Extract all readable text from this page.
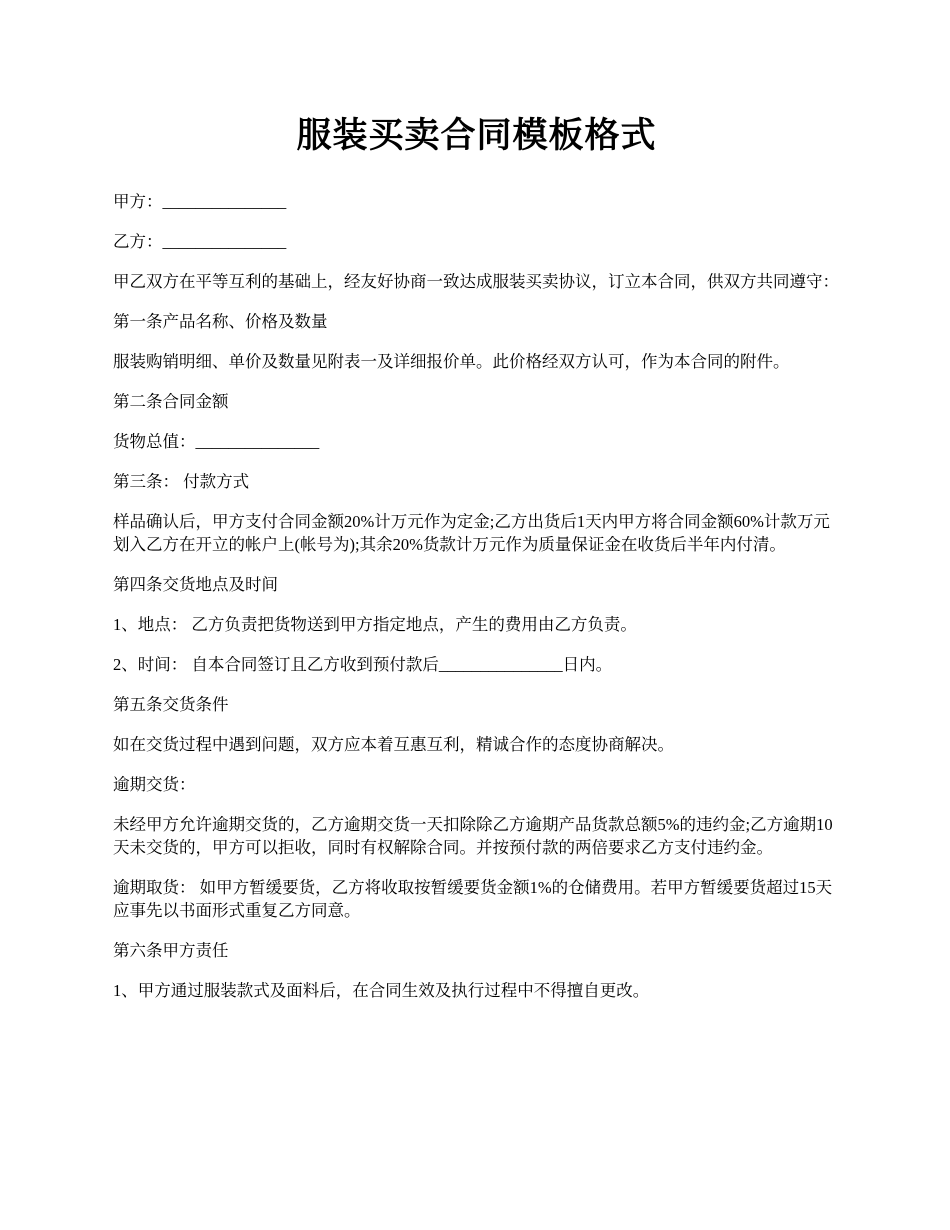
服装买卖合同模板格式

甲方：_______________

乙方：_______________

甲乙双方在平等互利的基础上，经友好协商一致达成服装买卖协议，订立本合同，供双方共同遵守：

第一条产品名称、价格及数量

服装购销明细、单价及数量见附表一及详细报价单。此价格经双方认可，作为本合同的附件。

第二条合同金额

货物总值：_______________

第三条： 付款方式

样品确认后，甲方支付合同金额20%计万元作为定金;乙方出货后1天内甲方将合同金额60%计款万元划入乙方在开立的帐户上(帐号为);其余20%货款计万元作为质量保证金在收货后半年内付清。

第四条交货地点及时间

1、地点： 乙方负责把货物送到甲方指定地点，产生的费用由乙方负责。

2、时间： 自本合同签订且乙方收到预付款后_______________日内。

第五条交货条件

如在交货过程中遇到问题，双方应本着互惠互利，精诚合作的态度协商解决。

逾期交货：

未经甲方允许逾期交货的，乙方逾期交货一天扣除除乙方逾期产品货款总额5%的违约金;乙方逾期10天未交货的，甲方可以拒收，同时有权解除合同。并按预付款的两倍要求乙方支付违约金。

逾期取货： 如甲方暂缓要货，乙方将收取按暂缓要货金额1%的仓储费用。若甲方暂缓要货超过15天应事先以书面形式重复乙方同意。

第六条甲方责任

1、甲方通过服装款式及面料后，在合同生效及执行过程中不得擅自更改。
